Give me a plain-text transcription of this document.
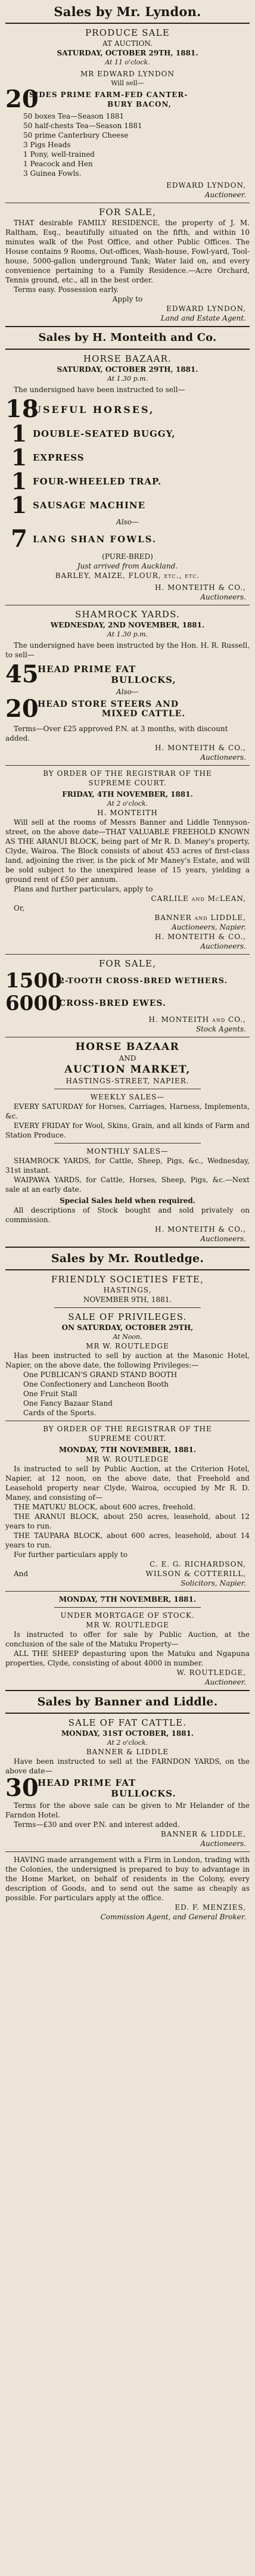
Sales by Mr. Lyndon.
PRODUCE SALE
AT AUCTION.
SATURDAY, OCTOBER 29TH, 1881.
At 11 o'clock.
MR EDWARD LYNDON
Will sell—
20
SIDES PRIME FARM-FED CANTER-
BURY BACON,
50 boxes Tea—Season 1881
50 half-chests Tea—Season 1881
50 prime Canterbury Cheese
3 Pigs Heads
1 Pony, well-trained
1 Peacock and Hen
3 Guinea Fowls.
EDWARD LYNDON,
Auctioneer.
FOR SALE,
THAT desirable FAMILY RESIDENCE, the property of J. M. Raltham, Esq., beautifully situated on the fifth, and within 10 minutes walk of the Post Office, and other Public Offices. The House contains 9 Rooms, Out-offices, Wash-house, Fowl-yard, Tool-house, 5000-gallon underground Tank; Water laid on, and every convenience pertaining to a Family Residence.—Acre Orchard, Tennis ground, etc., all in the best order.
Terms easy. Possession early.
Apply to
EDWARD LYNDON,
Land and Estate Agent.
Sales by H. Monteith and Co.
HORSE BAZAAR.
SATURDAY, OCTOBER 29TH, 1881.
At 1.30 p.m.
The undersigned have been instructed to sell—
18
USEFUL HORSES,
1 DOUBLE-SEATED BUGGY,
1 EXPRESS
1 FOUR-WHEELED TRAP.
1 SAUSAGE MACHINE
Also—
7 LANG SHAN FOWLS.
(PURE-BRED)
Just arrived from Auckland.
BARLEY, MAIZE, FLOUR, etc., etc.
H. MONTEITH & CO.,
Auctioneers.
SHAMROCK YARDS.
WEDNESDAY, 2ND NOVEMBER, 1881.
At 1.30 p.m.
The undersigned have been instructed by the Hon. H. R. Russell, to sell—
45
HEAD PRIME FAT
BULLOCKS,
Also—
20
HEAD STORE STEERS AND
MIXED CATTLE.
Terms—Over £25 approved P.N. at 3 months, with discount added.
H. MONTEITH & CO.,
Auctioneers.
BY ORDER OF THE REGISTRAR OF THE
SUPREME COURT.
FRIDAY, 4TH NOVEMBER, 1881.
At 2 o'clock.
H. MONTEITH
Will sell at the rooms of Messrs Banner and Liddle Tennyson-street, on the above date—THAT VALUABLE FREEHOLD KNOWN AS THE ARANUI BLOCK, being part of Mr R. D. Maney's property, Clyde, Wairoa. The Block consists of about 453 acres of first-class land, adjoining the river, is the pick of Mr Maney's Estate, and will be sold subject to the unexpired lease of 15 years, yielding a ground rent of £50 per annum.
Plans and further particulars, apply to
CARLILE and McLEAN,
Or,
BANNER and LIDDLE,
Auctioneers, Napier.
H. MONTEITH & CO.,
Auctioneers.
FOR SALE,
1500
2-TOOTH CROSS-BRED WETHERS.
6000
CROSS-BRED EWES.
H. MONTEITH and CO.,
Stock Agents.
HORSE BAZAAR
AND
AUCTION MARKET,
HASTINGS-STREET, NAPIER.
WEEKLY SALES—
EVERY SATURDAY for Horses, Carriages, Harness, Implements, &c.
EVERY FRIDAY for Wool, Skins, Grain, and all kinds of Farm and Station Produce.
MONTHLY SALES—
SHAMROCK YARDS, for Cattle, Sheep, Pigs, &c., Wednesday, 31st instant.
WAIPAWA YARDS, for Cattle, Horses, Sheep, Pigs, &c.—Next sale at an early date.
Special Sales held when required.
All descriptions of Stock bought and sold privately on commission.
H. MONTEITH & CO.,
Auctioneers.
Sales by Mr. Routledge.
FRIENDLY SOCIETIES FETE,
HASTINGS,
NOVEMBER 9TH, 1881.
SALE OF PRIVILEGES.
ON SATURDAY, OCTOBER 29TH,
At Noon.
MR W. ROUTLEDGE
Has been instructed to sell by auction at the Masonic Hotel, Napier, on the above date, the following Privileges:—
One PUBLICAN'S GRAND STAND BOOTH
One Confectionery and Luncheon Booth
One Fruit Stall
One Fancy Bazaar Stand
Cards of the Sports.
BY ORDER OF THE REGISTRAR OF THE
SUPREME COURT.
MONDAY, 7TH NOVEMBER, 1881.
MR W. ROUTLEDGE
Is instructed to sell by Public Auction, at the Criterion Hotel, Napier, at 12 noon, on the above date, that Freehold and Leasehold property near Clyde, Wairoa, occupied by Mr R. D. Maney, and consisting of—
THE MATUKU BLOCK, about 600 acres, freehold.
THE ARANUI BLOCK, about 250 acres, leasehold, about 12 years to run.
THE TAUPARA BLOCK, about 600 acres, leasehold, about 14 years to run.
For further particulars apply to
C. E. G. RICHARDSON,
And	WILSON & COTTERILL,
Solicitors, Napier.
MONDAY, 7TH NOVEMBER, 1881.
UNDER MORTGAGE OF STOCK.
MR W. ROUTLEDGE
Is instructed to offer for sale by Public Auction, at the conclusion of the sale of the Matuku Property—
ALL THE SHEEP depasturing upon the Matuku and Ngapuna properties, Clyde, consisting of about 4000 in number.
W. ROUTLEDGE,
Auctioneer.
Sales by Banner and Liddle.
SALE OF FAT CATTLE.
MONDAY, 31ST OCTOBER, 1881.
At 2 o'clock.
BANNER & LIDDLE
Have been instructed to sell at the FARNDON YARDS, on the above date—
30
HEAD PRIME FAT
BULLOCKS.
Terms for the above sale can be given to Mr Helander of the Farndon Hotel.
Terms—£30 and over P.N. and interest added.
BANNER & LIDDLE,
Auctioneers.
HAVING made arrangement with a Firm in London, trading with the Colonies, the undersigned is prepared to buy to advantage in the Home Market, on behalf of residents in the Colony, every description of Goods, and to send out the same as cheaply as possible. For particulars apply at the office.
ED. F. MENZIES,
Commission Agent, and General Broker.
